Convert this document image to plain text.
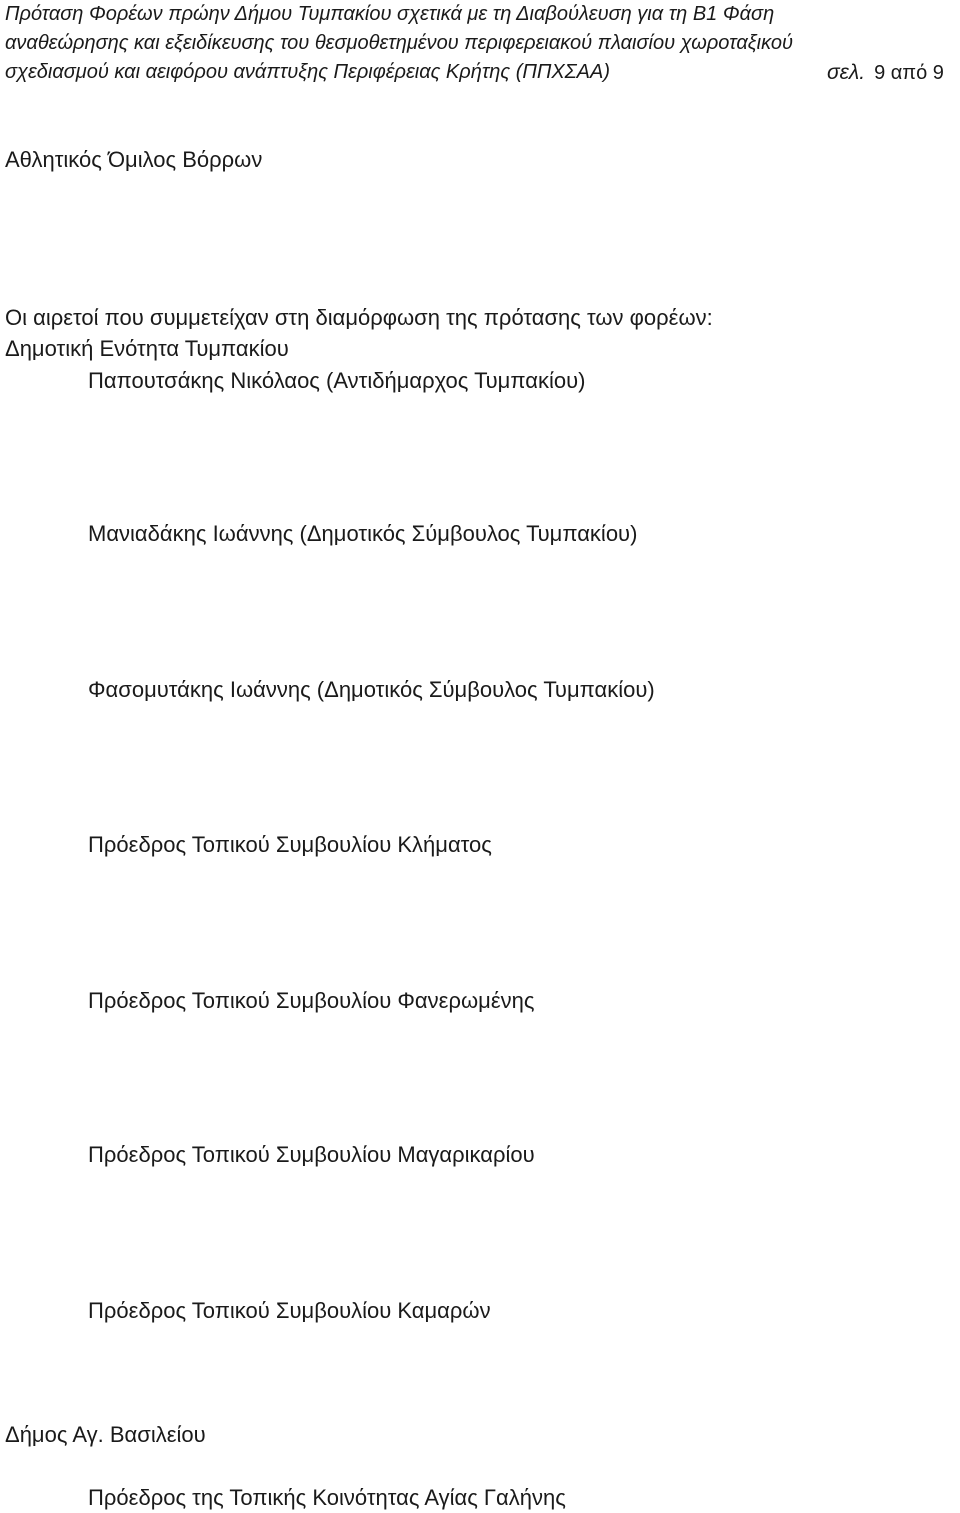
Πρόταση Φορέων πρώην Δήμου Τυμπακίου σχετικά με τη Διαβούλευση για τη Β1 Φάση
αναθεώρησης και εξειδίκευσης του θεσμοθετημένου περιφερειακού πλαισίου χωροταξικού
σχεδιασμού και αειφόρου ανάπτυξης Περιφέρειας Κρήτης (ΠΠΧΣΑΑ)	σελ. 9 από 9
Αθλητικός Όμιλος Βόρρων
Οι αιρετοί που συμμετείχαν στη διαμόρφωση της πρότασης των φορέων:
Δημοτική Ενότητα Τυμπακίου
Παπουτσάκης Νικόλαος (Αντιδήμαρχος Τυμπακίου)
Μανιαδάκης Ιωάννης (Δημοτικός Σύμβουλος Τυμπακίου)
Φασομυτάκης Ιωάννης (Δημοτικός Σύμβουλος Τυμπακίου)
Πρόεδρος Τοπικού Συμβουλίου Κλήματος
Πρόεδρος Τοπικού Συμβουλίου Φανερωμένης
Πρόεδρος Τοπικού Συμβουλίου Μαγαρικαρίου
Πρόεδρος Τοπικού Συμβουλίου Καμαρών
Δήμος Αγ. Βασιλείου
Πρόεδρος της Τοπικής Κοινότητας Αγίας Γαλήνης
